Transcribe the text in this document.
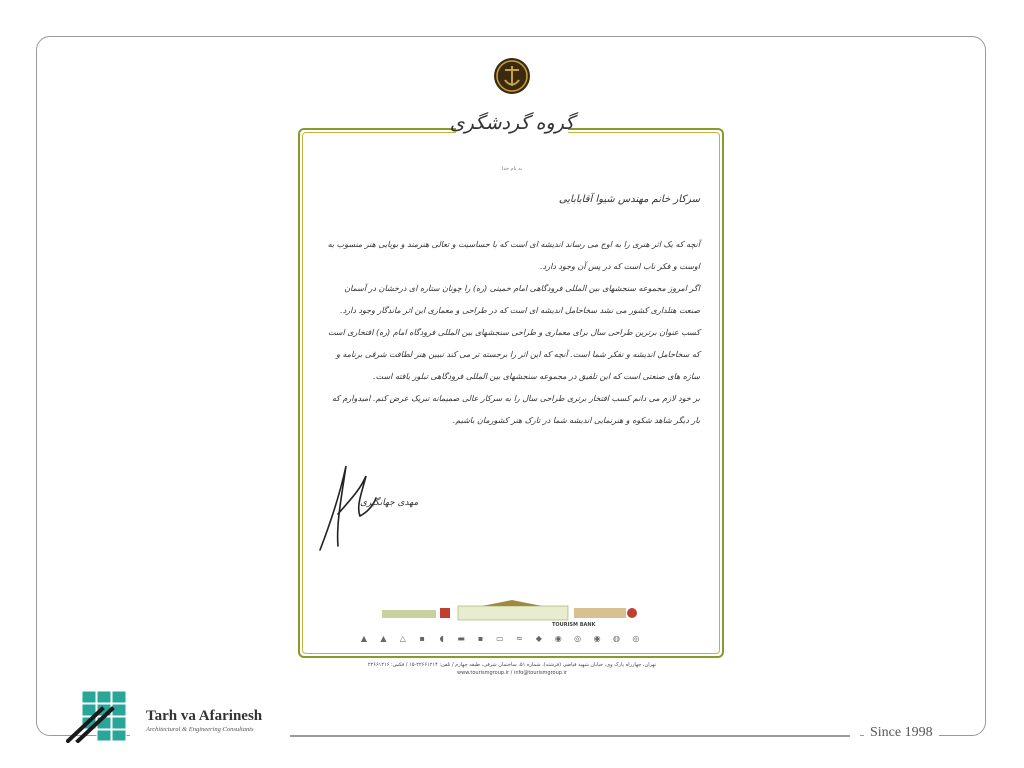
Tarh va Afarinesh
Architectural & Engineering Consultants	Since 1998
گروه گردشگری
به نام خدا
سرکار خانم مهندس شیوا آقابابایی

آنچه که یک اثر هنری را به اوج می رساند اندیشه ای است که با حساسیت و تعالی هنرمند و بویایی هنر منسوب به اوست و فکر ناب است که در پس آن وجود دارد.

اگر امروز مجموعه سنجشهای بین المللی فرودگاهی امام خمینی (ره) را چونان ستاره ای درخشان در آسمان صنعت هتلداری کشور می نشد سخاحامل اندیشه ای است که در طراحی و معماری این اثر ماندگار وجود دارد.

کسب عنوان برترین طراحی سال برای معماری و طراحی سنجشهای بین المللی فرودگاه امام (ره) افتخاری است که سخاحامل اندیشه و تفکر شما است. آنچه که این اثر را برجسته تر می کند تبیین هنر لطافت شرقی برنامه و سازه های صنعتی است که این تلفیق در مجموعه سنجشهای بین المللی فرودگاهی تبلور یافته است.

بر خود لازم می دانم کسب افتخار برتری طراحی سال را به سرکار عالی صمیمانه تبریک عرض کنم. امیدوارم که بار دیگر شاهد شکوه و هنرنمایی اندیشه شما در تارک هنر کشورمان باشیم.

مهدی جهانگیری
TOURISM BANK
▲ ▲ △ ▪ ◖ ▬ ▪ ▭ ≈ ◆ ◉ ◎ ◉ ◍ ◎
تهران، چهارراه پارک وی، خیابان شهید فیاضی (فرشته)، شماره ۵۱، ساختمان شرقی، طبقه چهارم / تلفن: ۲۲۶۶۱۲۱۴-۱۵ / فکس: ۲۲۶۶۱۲۱۶
www.tourismgroup.ir / info@tourismgroup.ir
